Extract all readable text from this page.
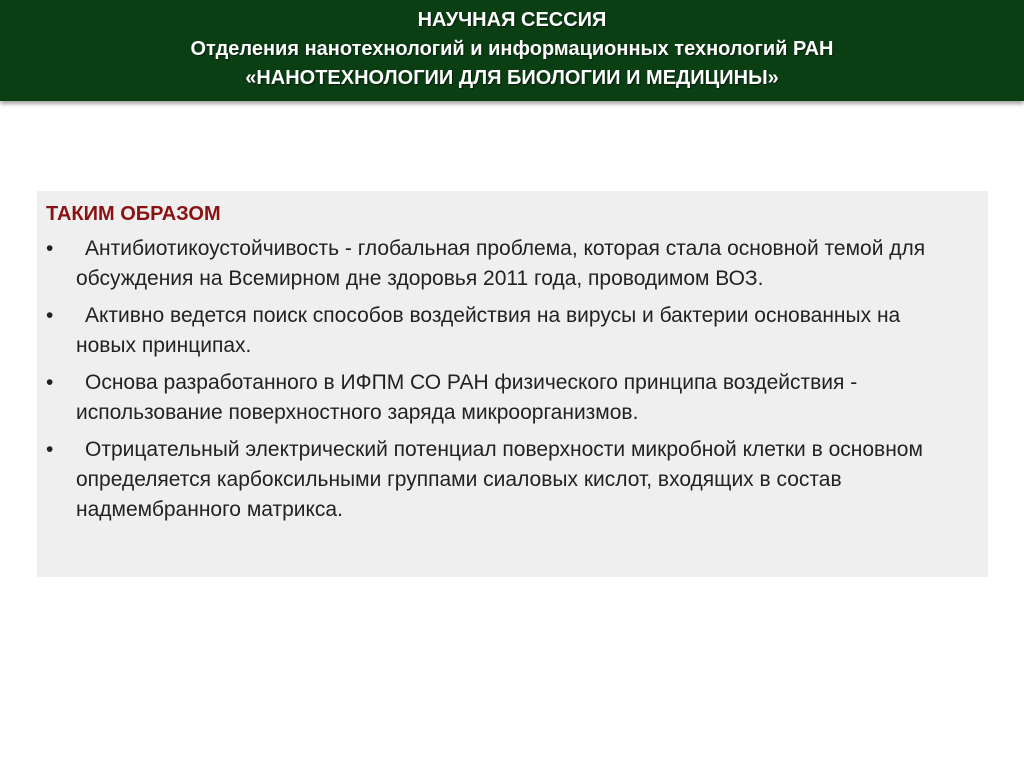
НАУЧНАЯ СЕССИЯ
Отделения нанотехнологий и информационных технологий РАН
«НАНОТЕХНОЛОГИИ ДЛЯ БИОЛОГИИ И МЕДИЦИНЫ»
ТАКИМ ОБРАЗОМ
•	Антибиотикоустойчивость - глобальная проблема, которая стала основной темой для обсуждения на Всемирном дне здоровья 2011 года, проводимом ВОЗ.
•	Активно ведется поиск способов воздействия на вирусы и бактерии основанных на новых принципах.
•	Основа разработанного в ИФПМ СО РАН физического принципа воздействия - использование поверхностного заряда микроорганизмов.
•	Отрицательный электрический потенциал поверхности микробной клетки в основном определяется карбоксильными группами сиаловых кислот, входящих в состав надмембранного матрикса.
